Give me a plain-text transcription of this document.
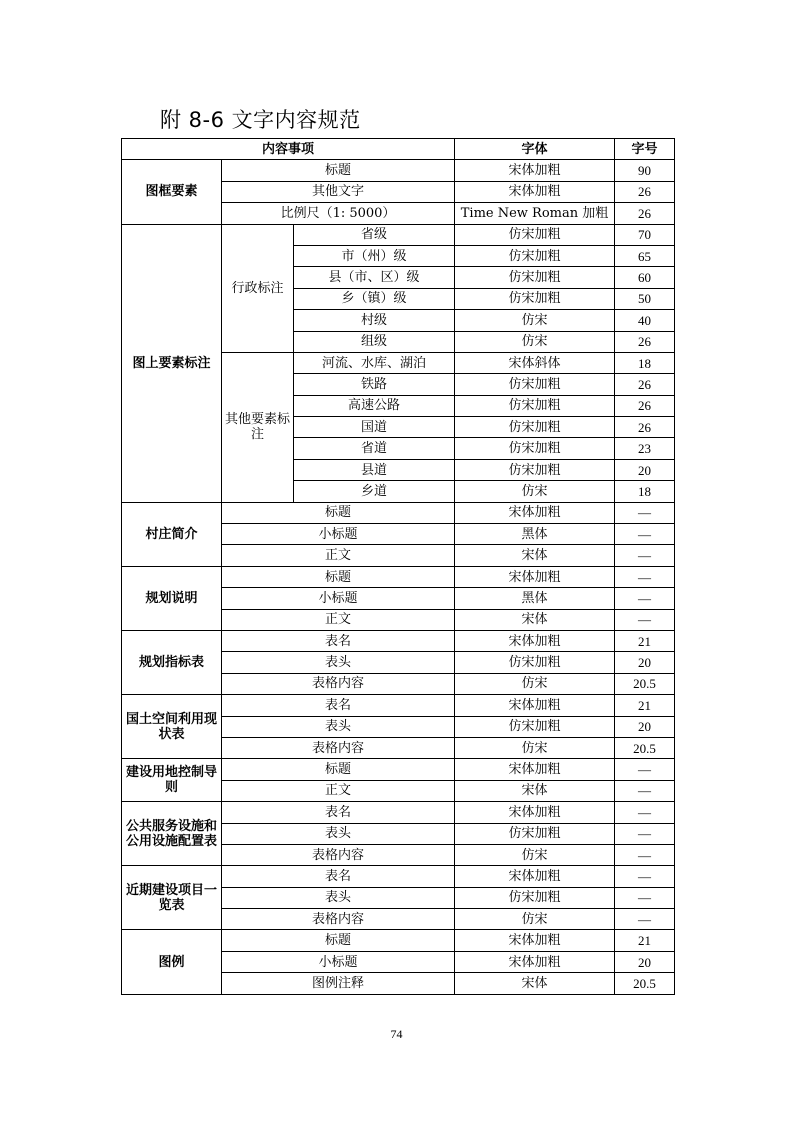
附 8-6 文字内容规范
内容事项			字体	字号
图框要素	标题		宋体加粗	90
	其他文字		宋体加粗	26
	比例尺（1: 5000）		Time New Roman 加粗	26
图上要素标注	行政标注	省级	仿宋加粗	70
		市（州）级	仿宋加粗	65
		县（市、区）级	仿宋加粗	60
		乡（镇）级	仿宋加粗	50
		村级	仿宋	40
		组级	仿宋	26
	其他要素标注	河流、水库、湖泊	宋体斜体	18
		铁路	仿宋加粗	26
		高速公路	仿宋加粗	26
		国道	仿宋加粗	26
		省道	仿宋加粗	23
		县道	仿宋加粗	20
		乡道	仿宋	18
村庄简介	标题		宋体加粗	—
	小标题		黑体	—
	正文		宋体	—
规划说明	标题		宋体加粗	—
	小标题		黑体	—
	正文		宋体	—
规划指标表	表名		宋体加粗	21
	表头		仿宋加粗	20
	表格内容		仿宋	20.5
国土空间利用现状表	表名		宋体加粗	21
	表头		仿宋加粗	20
	表格内容		仿宋	20.5
建设用地控制导则	标题		宋体加粗	—
	正文		宋体	—
公共服务设施和公用设施配置表	表名		宋体加粗	—
	表头		仿宋加粗	—
	表格内容		仿宋	—
近期建设项目一览表	表名		宋体加粗	—
	表头		仿宋加粗	—
	表格内容		仿宋	—
图例	标题		宋体加粗	21
	小标题		宋体加粗	20
	图例注释		宋体	20.5
74
